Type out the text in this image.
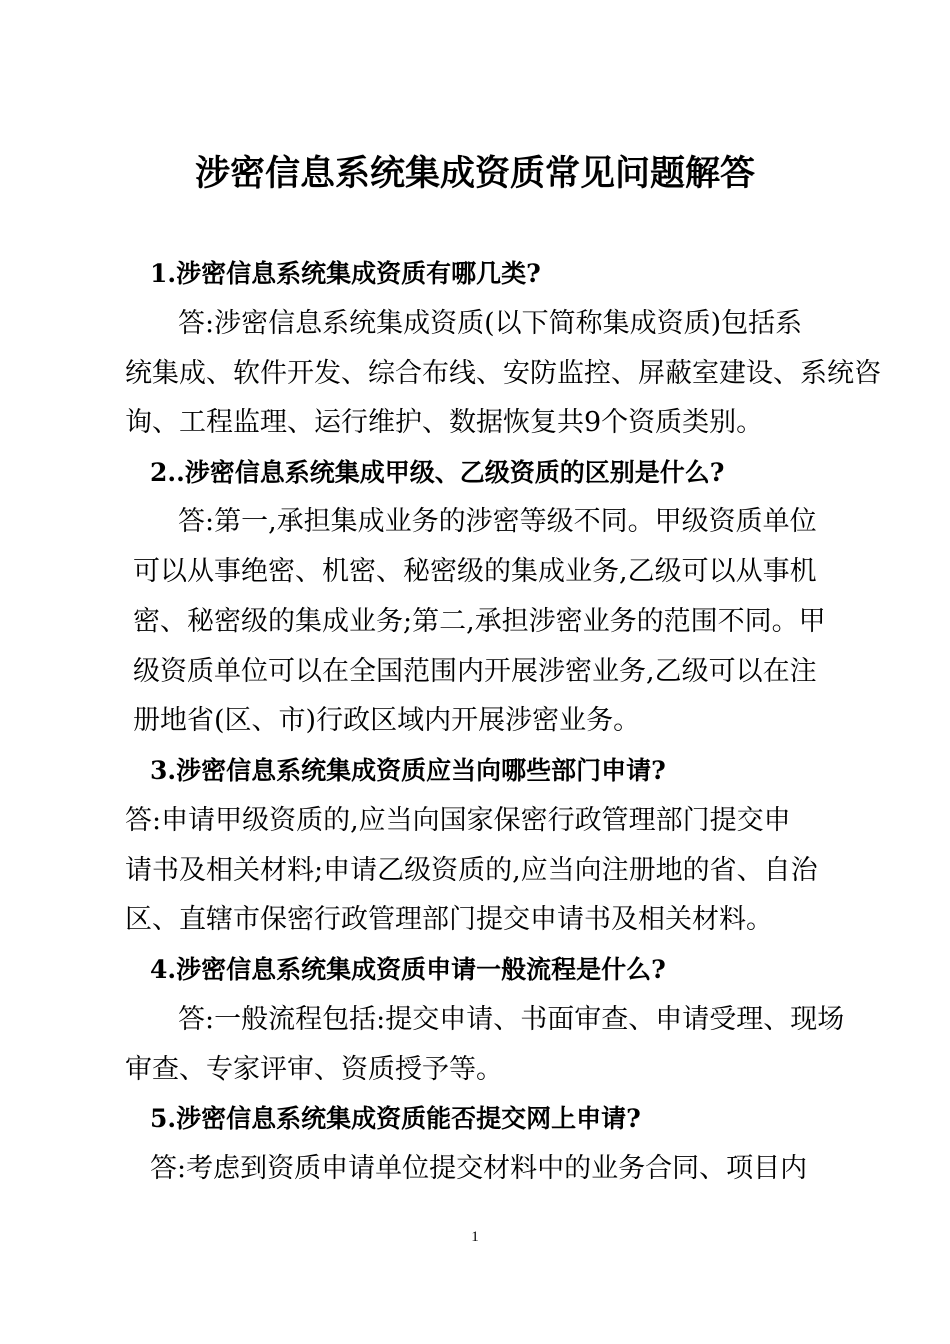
涉密信息系统集成资质常见问题解答
1.涉密信息系统集成资质有哪几类?
答:涉密信息系统集成资质(以下简称集成资质)包括系
统集成、软件开发、综合布线、安防监控、屏蔽室建设、系统咨
询、工程监理、运行维护、数据恢复共9个资质类别。
2..涉密信息系统集成甲级、乙级资质的区别是什么?
答:第一,承担集成业务的涉密等级不同。甲级资质单位
可以从事绝密、机密、秘密级的集成业务,乙级可以从事机
密、秘密级的集成业务;第二,承担涉密业务的范围不同。甲
级资质单位可以在全国范围内开展涉密业务,乙级可以在注
册地省(区、市)行政区域内开展涉密业务。
3.涉密信息系统集成资质应当向哪些部门申请?
答:申请甲级资质的,应当向国家保密行政管理部门提交申
请书及相关材料;申请乙级资质的,应当向注册地的省、自治
区、直辖市保密行政管理部门提交申请书及相关材料。
4.涉密信息系统集成资质申请一般流程是什么?
答:一般流程包括:提交申请、书面审查、申请受理、现场
审查、专家评审、资质授予等。
5.涉密信息系统集成资质能否提交网上申请?
答:考虑到资质申请单位提交材料中的业务合同、项目内
1
